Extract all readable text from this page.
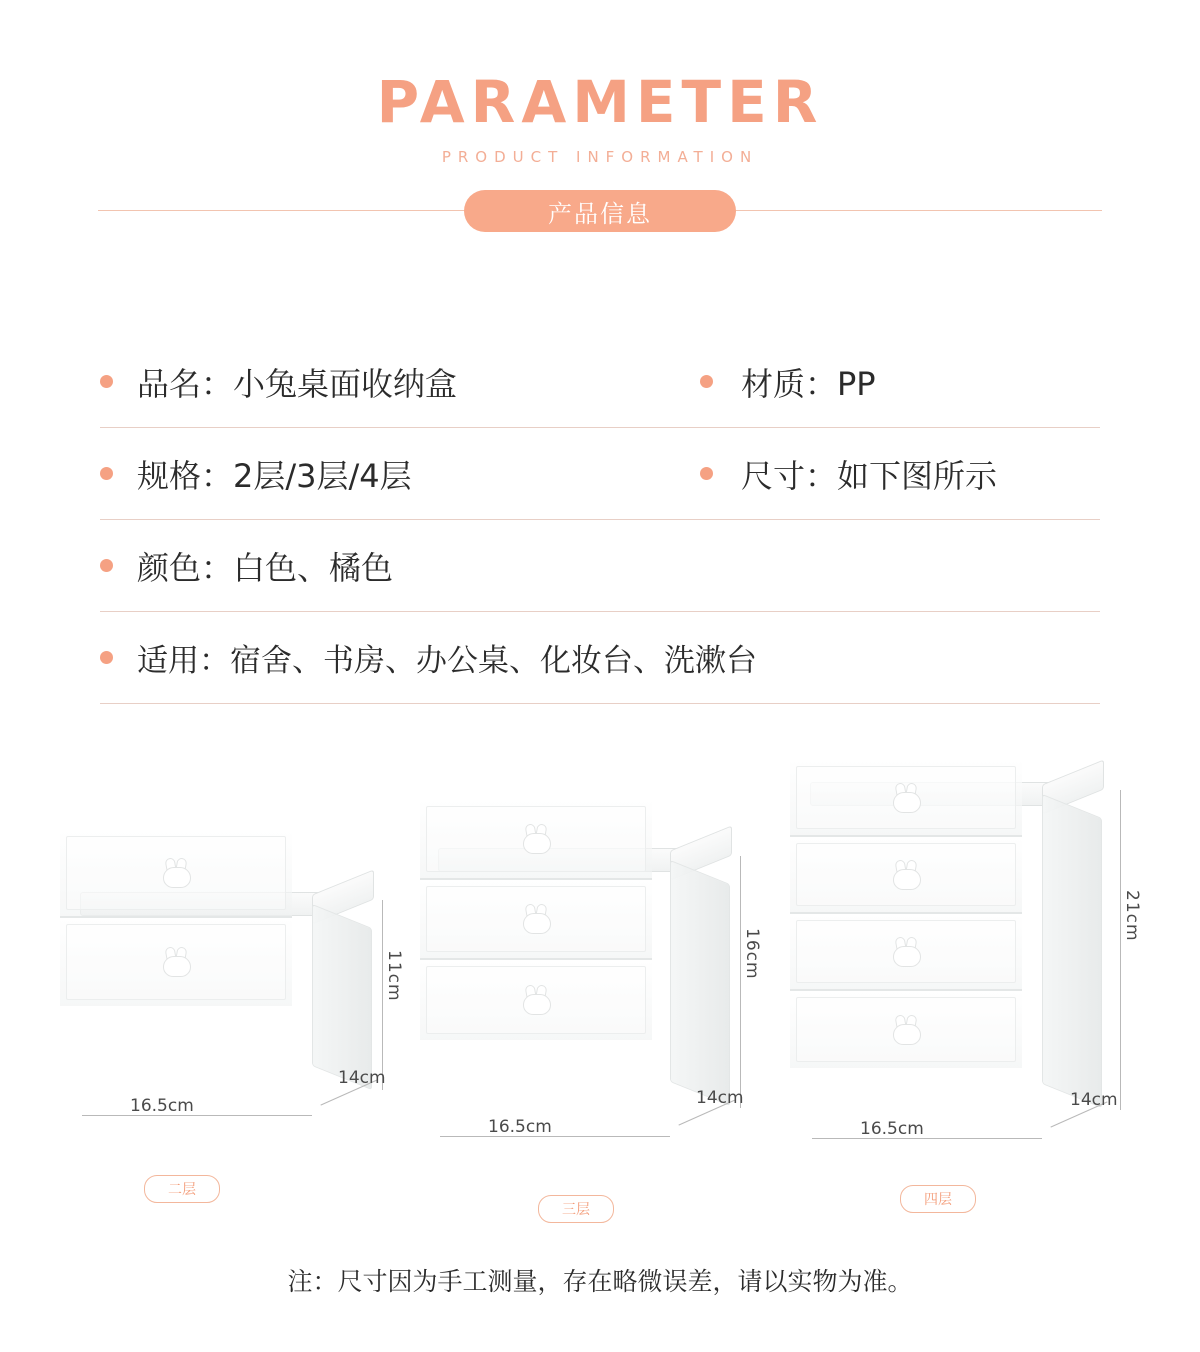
PARAMETER
PRODUCT INFORMATION
产品信息
品名：小兔桌面收纳盒	材质：PP
规格：2层/3层/4层	尺寸：如下图所示
颜色：白色、橘色
适用：宿舍、书房、办公桌、化妆台、洗漱台
11cm
16.5cm
14cm
二层
16cm
16.5cm
14cm
三层
21cm
16.5cm
14cm
四层
注：尺寸因为手工测量，存在略微误差，请以实物为准。
